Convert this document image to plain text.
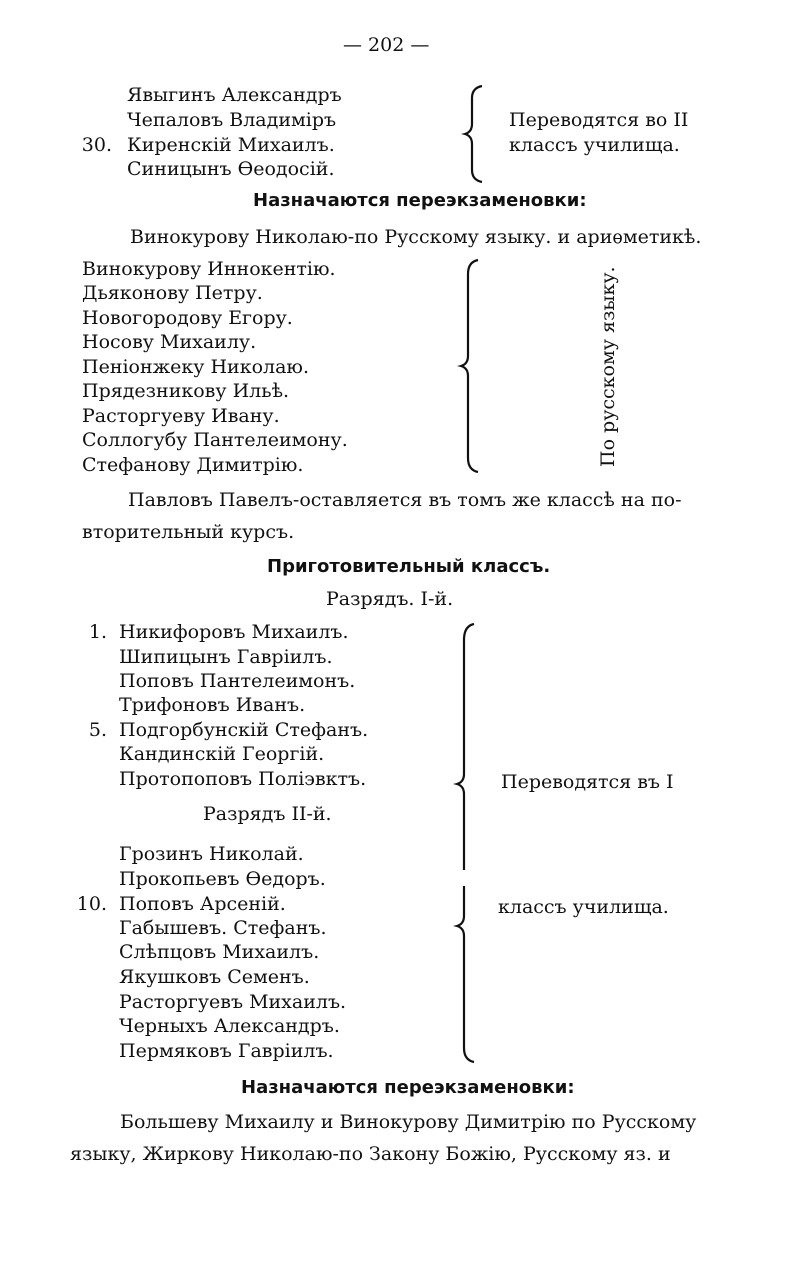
— 202 —
Явыгинъ Александръ
Чепаловъ Владиміръ
30. Киренскій Михаилъ.
Синицынъ Ѳеодосій.
Переводятся во II
классъ училища.
Назначаются переэкзаменовки:
Винокурову Николаю-по Русскому языку. и ариѳметикѣ.
Винокурову Иннокентію.
Дьяконову Петру.
Новогородову Егору.
Носову Михаилу.
Пеніонжеку Николаю.
Прядезникову Ильѣ.
Расторгуеву Ивану.
Соллогубу Пантелеимону.
Стефанову Димитрію.	По русскому языку.
Павловъ Павелъ-оставляется въ томъ же классѣ на по-
вторительный курсъ.
Приготовительный классъ.
Разрядъ. I-й.
1. Никифоровъ Михаилъ.
Шипицынъ Гавріилъ.
Поповъ Пантелеимонъ.
Трифоновъ Иванъ.
5. Подгорбунскій Стефанъ.
Кандинскій Георгій.
Протопоповъ Поліэвктъ.
Разрядъ II-й.
Грозинъ Николай.
Прокопьевъ Ѳедоръ.
10. Поповъ Арсеній.
Габышевъ. Стефанъ.
Слѣпцовъ Михаилъ.
Якушковъ Семенъ.
Расторгуевъ Михаилъ.
Черныхъ Александръ.
Пермяковъ Гавріилъ.
Переводятся въ I
классъ училища.
Назначаются переэкзаменовки:
Большеву Михаилу и Винокурову Димитрію по Русскому
языку, Жиркову Николаю-по Закону Божію, Русскому яз. и
